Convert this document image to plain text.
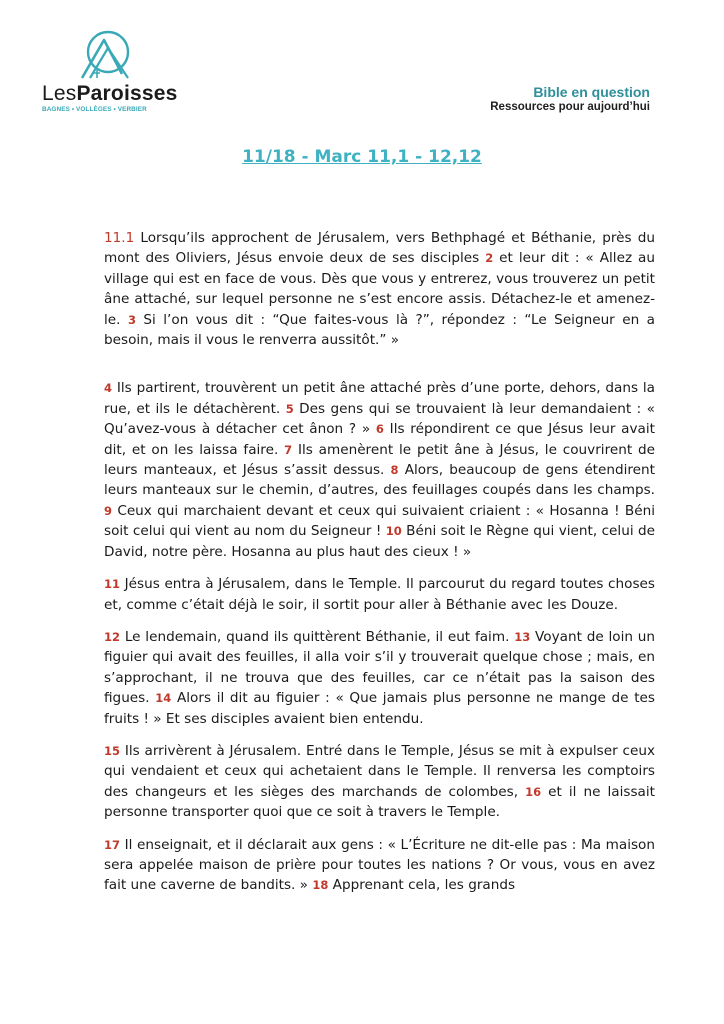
LesParoisses
BAGNES • VOLLÈGES • VERBIER
Bible en question
Ressources pour aujourd’hui
11/18 - Marc 11,1 - 12,12

11.1 Lorsqu’ils approchent de Jérusalem, vers Bethphagé et Béthanie, près du mont des Oliviers, Jésus envoie deux de ses disciples 2 et leur dit : « Allez au village qui est en face de vous. Dès que vous y entrerez, vous trouverez un petit âne attaché, sur lequel personne ne s’est encore assis. Détachez-le et amenez-le. 3 Si l’on vous dit : “Que faites-vous là ?”, répondez : “Le Seigneur en a besoin, mais il vous le renverra aussitôt.” »

4 Ils partirent, trouvèrent un petit âne attaché près d’une porte, dehors, dans la rue, et ils le détachèrent. 5 Des gens qui se trouvaient là leur demandaient : « Qu’avez-vous à détacher cet ânon ? » 6 Ils répondirent ce que Jésus leur avait dit, et on les laissa faire. 7 Ils amenèrent le petit âne à Jésus, le couvrirent de leurs manteaux, et Jésus s’assit dessus. 8 Alors, beaucoup de gens étendirent leurs manteaux sur le chemin, d’autres, des feuillages coupés dans les champs. 9 Ceux qui marchaient devant et ceux qui suivaient criaient : « Hosanna ! Béni soit celui qui vient au nom du Seigneur ! 10 Béni soit le Règne qui vient, celui de David, notre père. Hosanna au plus haut des cieux ! »

11 Jésus entra à Jérusalem, dans le Temple. Il parcourut du regard toutes choses et, comme c’était déjà le soir, il sortit pour aller à Béthanie avec les Douze.

12 Le lendemain, quand ils quittèrent Béthanie, il eut faim. 13 Voyant de loin un figuier qui avait des feuilles, il alla voir s’il y trouverait quelque chose ; mais, en s’approchant, il ne trouva que des feuilles, car ce n’était pas la saison des figues. 14 Alors il dit au figuier : « Que jamais plus personne ne mange de tes fruits ! » Et ses disciples avaient bien entendu.

15 Ils arrivèrent à Jérusalem. Entré dans le Temple, Jésus se mit à expulser ceux qui vendaient et ceux qui achetaient dans le Temple. Il renversa les comptoirs des changeurs et les sièges des marchands de colombes, 16 et il ne laissait personne transporter quoi que ce soit à travers le Temple.

17 Il enseignait, et il déclarait aux gens : « L’Écriture ne dit-elle pas : Ma maison sera appelée maison de prière pour toutes les nations ? Or vous, vous en avez fait une caverne de bandits. » 18 Apprenant cela, les grands
